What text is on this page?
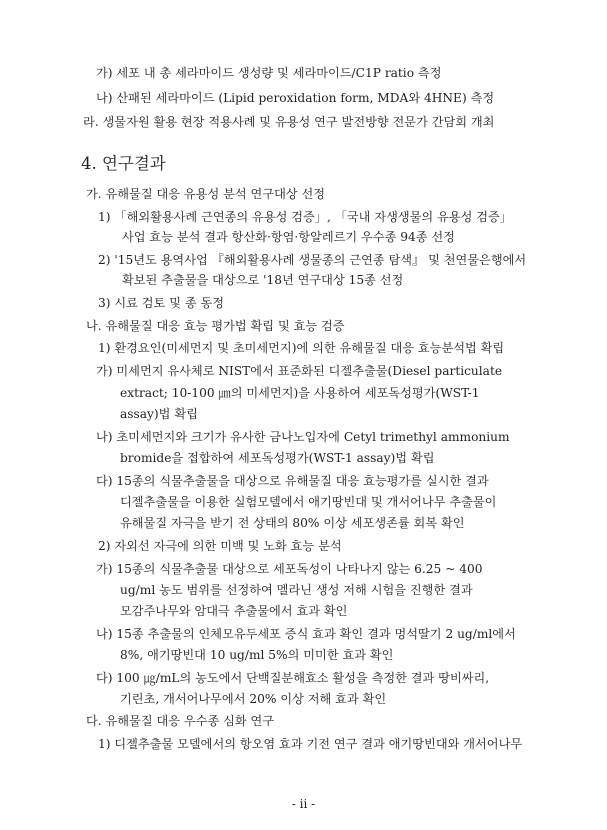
가) 세포 내 총 세라마이드 생성량 및 세라마이드/C1P ratio 측정
나) 산패된 세라마이드 (Lipid peroxidation form, MDA와 4HNE) 측정
라. 생물자원 활용 현장 적용사례 및 유용성 연구 발전방향 전문가 간담회 개최
4. 연구결과
가. 유해물질 대응 유용성 분석 연구대상 선정
1) 「해외활용사례 근연종의 유용성 검증」, 「국내 자생생물의 유용성 검증」
사업 효능 분석 결과 항산화·항염·항알레르기 우수종 94종 선정
2) '15년도 용역사업 『해외활용사례 생물종의 근연종 탐색』 및 천연물은행에서
확보된 추출물을 대상으로 '18년 연구대상 15종 선정
3) 시료 검토 및 종 동정
나. 유해물질 대응 효능 평가법 확립 및 효능 검증
1) 환경요인(미세먼지 및 초미세먼지)에 의한 유해물질 대응 효능분석법 확립
가) 미세먼지 유사체로 NIST에서 표준화된 디젤추출물(Diesel particulate
extract; 10-100 ㎛의 미세먼지)을 사용하여 세포독성평가(WST-1
assay)법 확립
나) 초미세먼지와 크기가 유사한 금나노입자에 Cetyl trimethyl ammonium
bromide을 접합하여 세포독성평가(WST-1 assay)법 확립
다) 15종의 식물추출물을 대상으로 유해물질 대응 효능평가를 실시한 결과
디젤추출물을 이용한 실험모델에서 애기땅빈대 및 개서어나무 추출물이
유해물질 자극을 받기 전 상태의 80% 이상 세포생존률 회복 확인
2) 자외선 자극에 의한 미백 및 노화 효능 분석
가) 15종의 식물추출물 대상으로 세포독성이 나타나지 않는 6.25 ~ 400
ug/ml 농도 범위를 선정하여 멜라닌 생성 저해 시험을 진행한 결과
모감주나무와 암대극 추출물에서 효과 확인
나) 15종 추출물의 인체모유두세포 증식 효과 확인 결과 멍석딸기 2 ug/ml에서
8%, 애기땅빈대 10 ug/ml 5%의 미미한 효과 확인
다) 100 ㎍/mL의 농도에서 단백질분해효소 활성을 측정한 결과 땅비싸리,
기린초, 개서어나무에서 20% 이상 저해 효과 확인
다. 유해물질 대응 우수종 심화 연구
1) 디젤추출물 모델에서의 항오염 효과 기전 연구 결과 애기땅빈대와 개서어나무
- ii -
